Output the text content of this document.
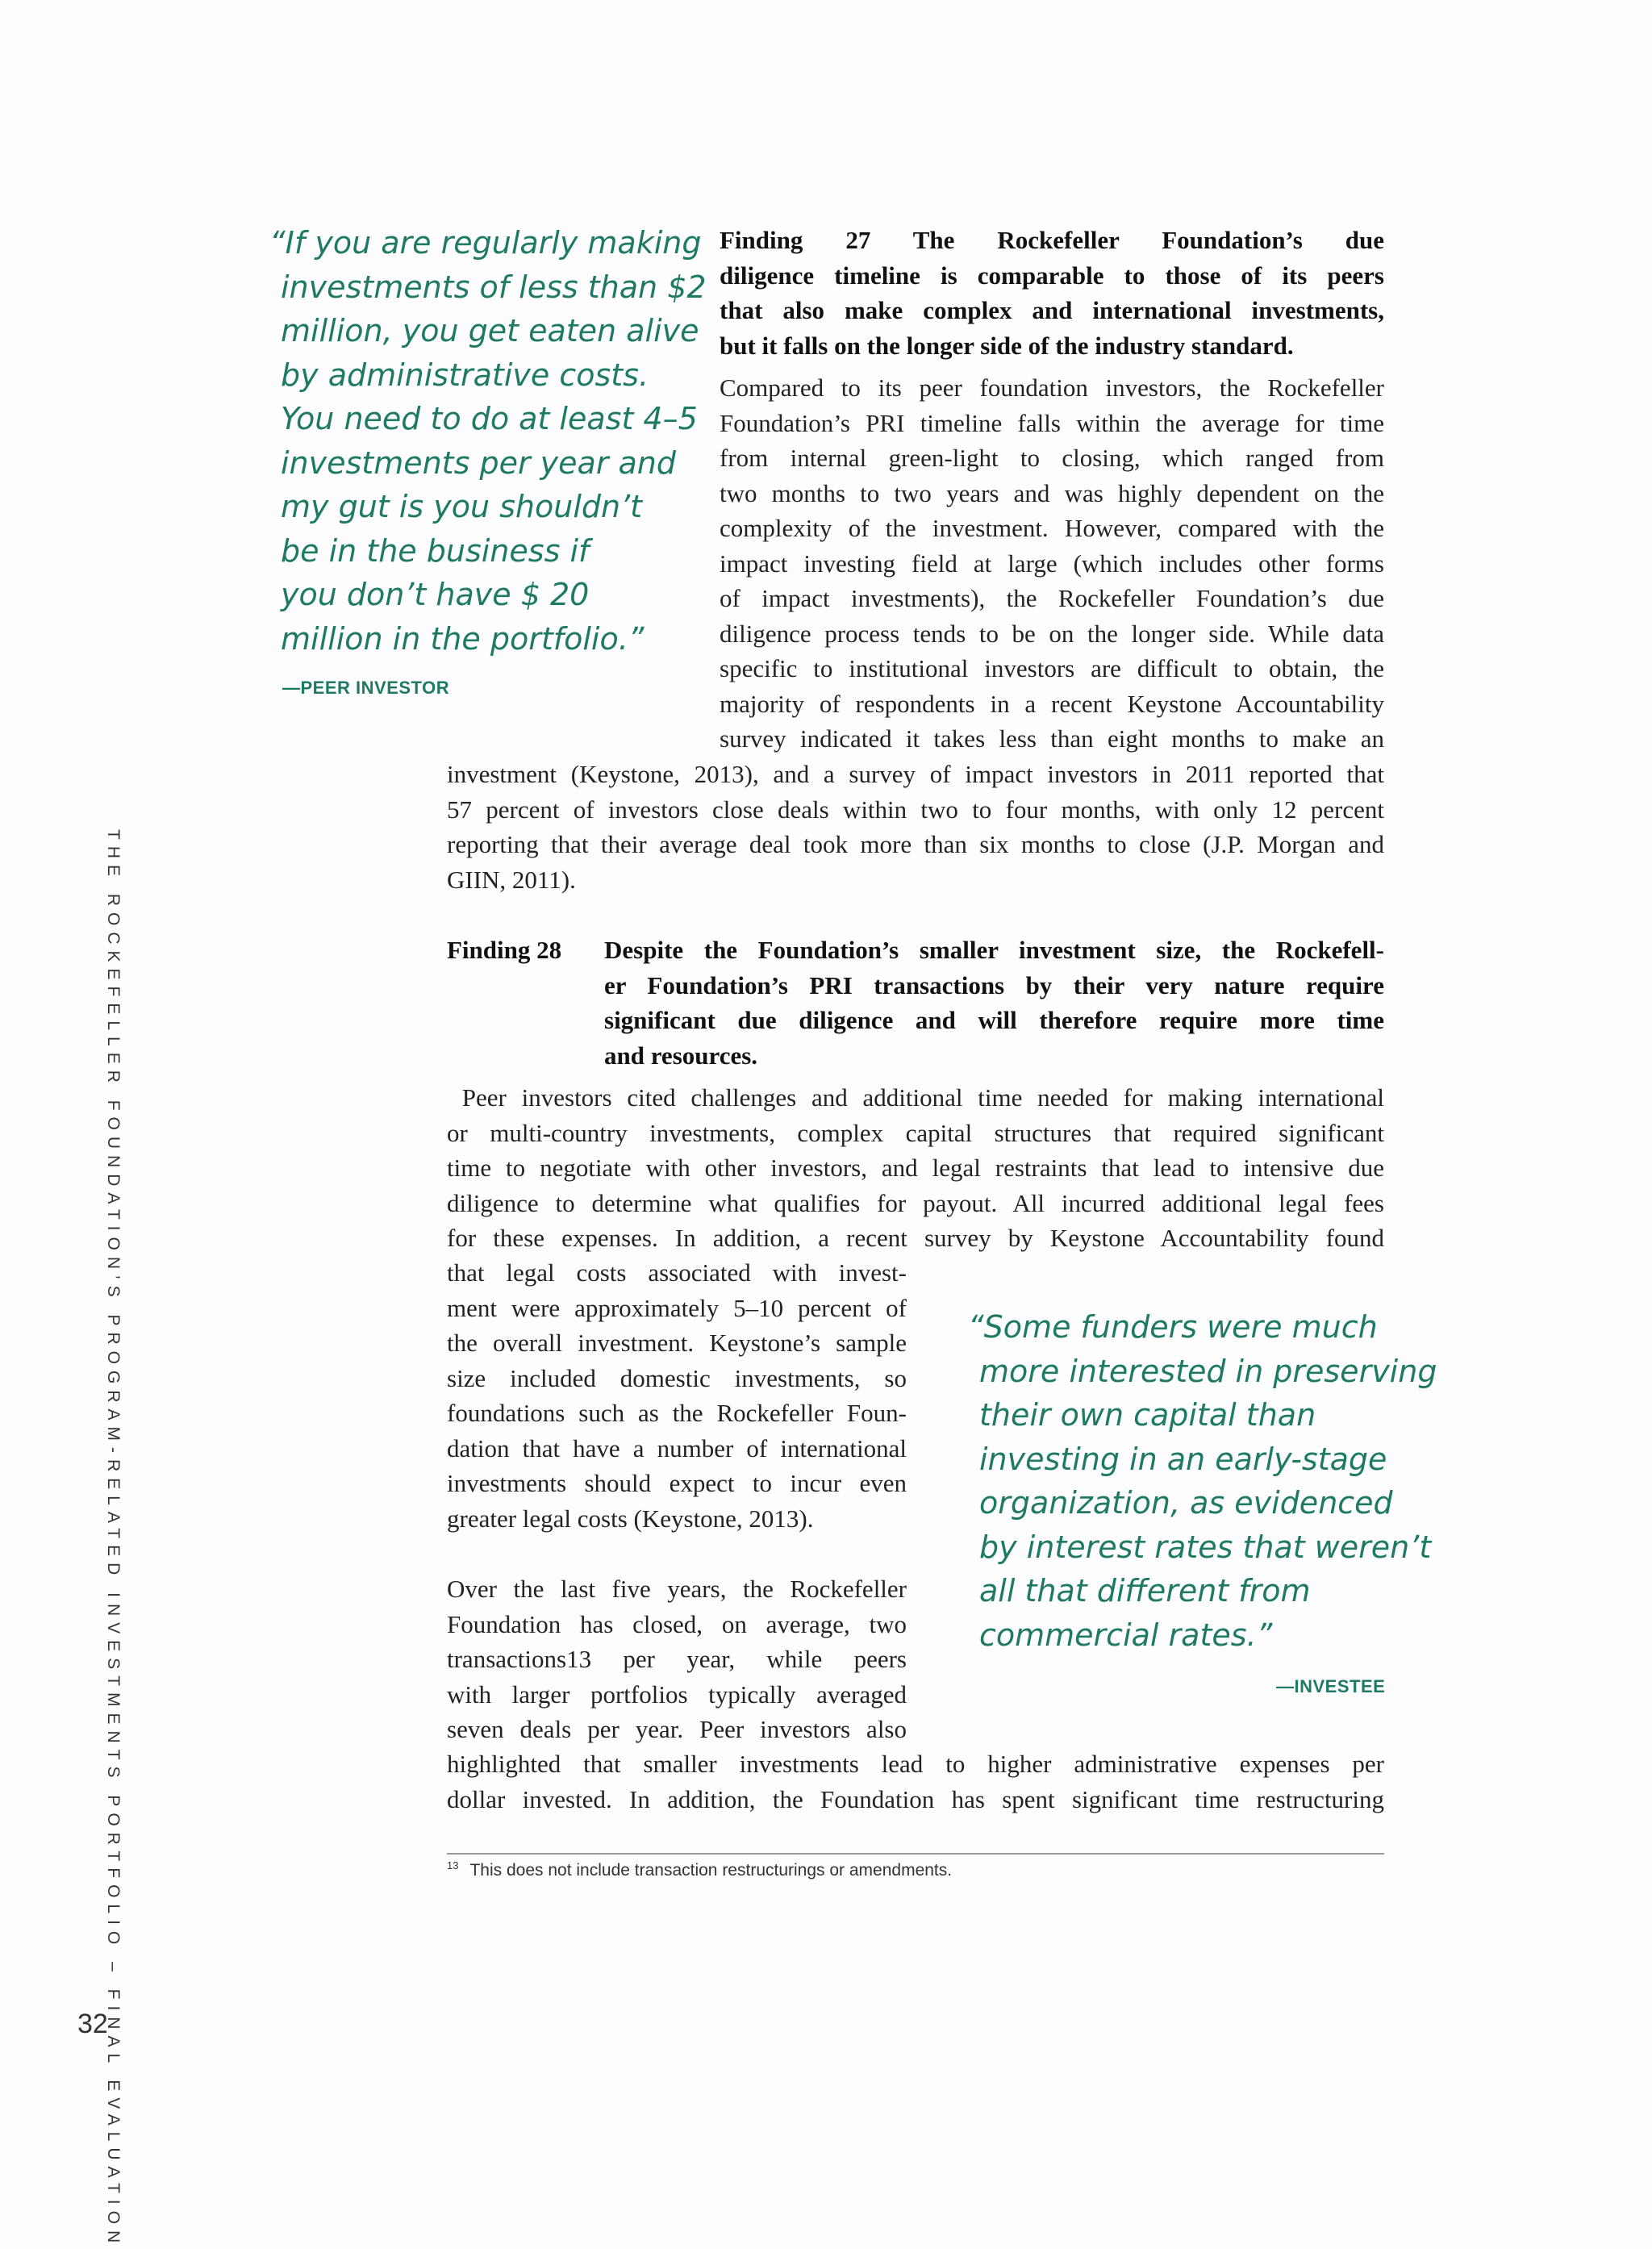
THE ROCKEFELLER FOUNDATION’S PROGRAM-RELATED INVESTMENTS PORTFOLIO – FINAL EVALUATION
32
“If you are regularly making
investments of less than $2
million, you get eaten alive
by administrative costs.
You need to do at least 4–5
investments per year and
my gut is you shouldn’t
be in the business if
you don’t have $ 20
million in the portfolio.”
—PEER INVESTOR
Finding 27 The Rockefeller Foundation’s due
diligence timeline is comparable to those of its peers
that also make complex and international investments,
but it falls on the longer side of the industry standard.
Compared to its peer foundation investors, the Rockefeller
Foundation’s PRI timeline falls within the average for time
from internal green-light to closing, which ranged from
two months to two years and was highly dependent on the
complexity of the investment. However, compared with the
impact investing field at large (which includes other forms
of impact investments), the Rockefeller Foundation’s due
diligence process tends to be on the longer side. While data
specific to institutional investors are difficult to obtain, the
majority of respondents in a recent Keystone Accountability
survey indicated it takes less than eight months to make an
investment (Keystone, 2013), and a survey of impact investors in 2011 reported that
57 percent of investors close deals within two to four months, with only 12 percent
reporting that their average deal took more than six months to close (J.P. Morgan and
GIIN, 2011).
Finding 28 Despite the Foundation’s smaller investment size, the Rockefell-
er Foundation’s PRI transactions by their very nature require
significant due diligence and will therefore require more time
and resources.
Peer investors cited challenges and additional time needed for making international
or multi-country investments, complex capital structures that required significant
time to negotiate with other investors, and legal restraints that lead to intensive due
diligence to determine what qualifies for payout. All incurred additional legal fees
for these expenses. In addition, a recent survey by Keystone Accountability found
that legal costs associated with invest-
ment were approximately 5–10 percent of
the overall investment. Keystone’s sample
size included domestic investments, so
foundations such as the Rockefeller Foun-
dation that have a number of international
investments should expect to incur even
greater legal costs (Keystone, 2013).
Over the last five years, the Rockefeller
Foundation has closed, on average, two
transactions13 per year, while peers
with larger portfolios typically averaged
seven deals per year. Peer investors also
highlighted that smaller investments lead to higher administrative expenses per
dollar invested. In addition, the Foundation has spent significant time restructuring
“Some funders were much
more interested in preserving
their own capital than
investing in an early-stage
organization, as evidenced
by interest rates that weren’t
all that different from
commercial rates.”
—INVESTEE
$^{13}$ This does not include transaction restructurings or amendments.
